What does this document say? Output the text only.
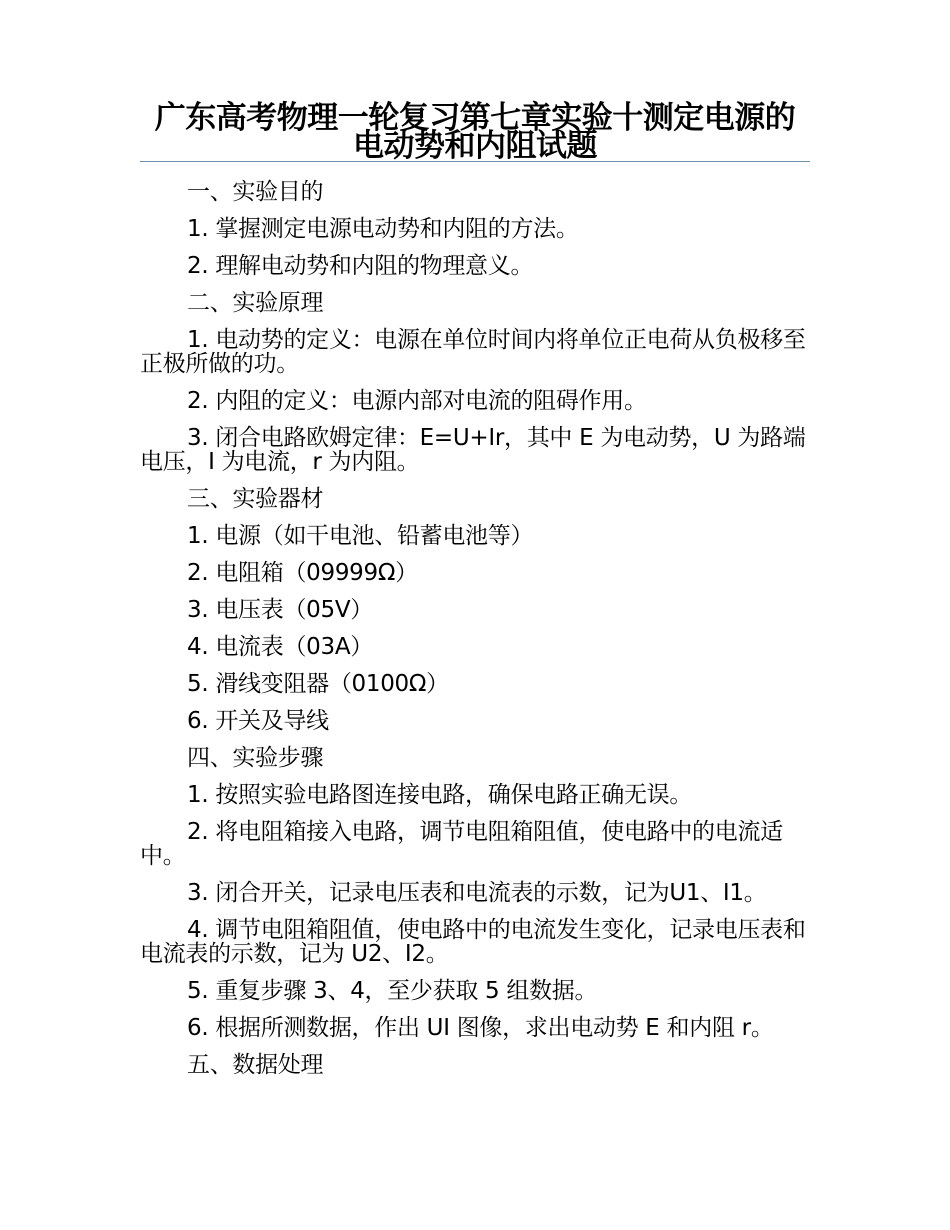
广东高考物理一轮复习第七章实验十测定电源的电动势和内阻试题

一、实验目的

1. 掌握测定电源电动势和内阻的方法。

2. 理解电动势和内阻的物理意义。

二、实验原理

1. 电动势的定义：电源在单位时间内将单位正电荷从负极移至正极所做的功。

2. 内阻的定义：电源内部对电流的阻碍作用。

3. 闭合电路欧姆定律：E=U+Ir，其中 E 为电动势，U 为路端电压，I 为电流，r 为内阻。

三、实验器材

1. 电源（如干电池、铅蓄电池等）

2. 电阻箱（09999Ω）

3. 电压表（05V）

4. 电流表（03A）

5. 滑线变阻器（0100Ω）

6. 开关及导线

四、实验步骤

1. 按照实验电路图连接电路，确保电路正确无误。

2. 将电阻箱接入电路，调节电阻箱阻值，使电路中的电流适中。

3. 闭合开关，记录电压表和电流表的示数，记为U1、I1。

4. 调节电阻箱阻值，使电路中的电流发生变化，记录电压表和电流表的示数，记为 U2、I2。

5. 重复步骤 3、4，至少获取 5 组数据。

6. 根据所测数据，作出 UI 图像，求出电动势 E 和内阻 r。

五、数据处理
